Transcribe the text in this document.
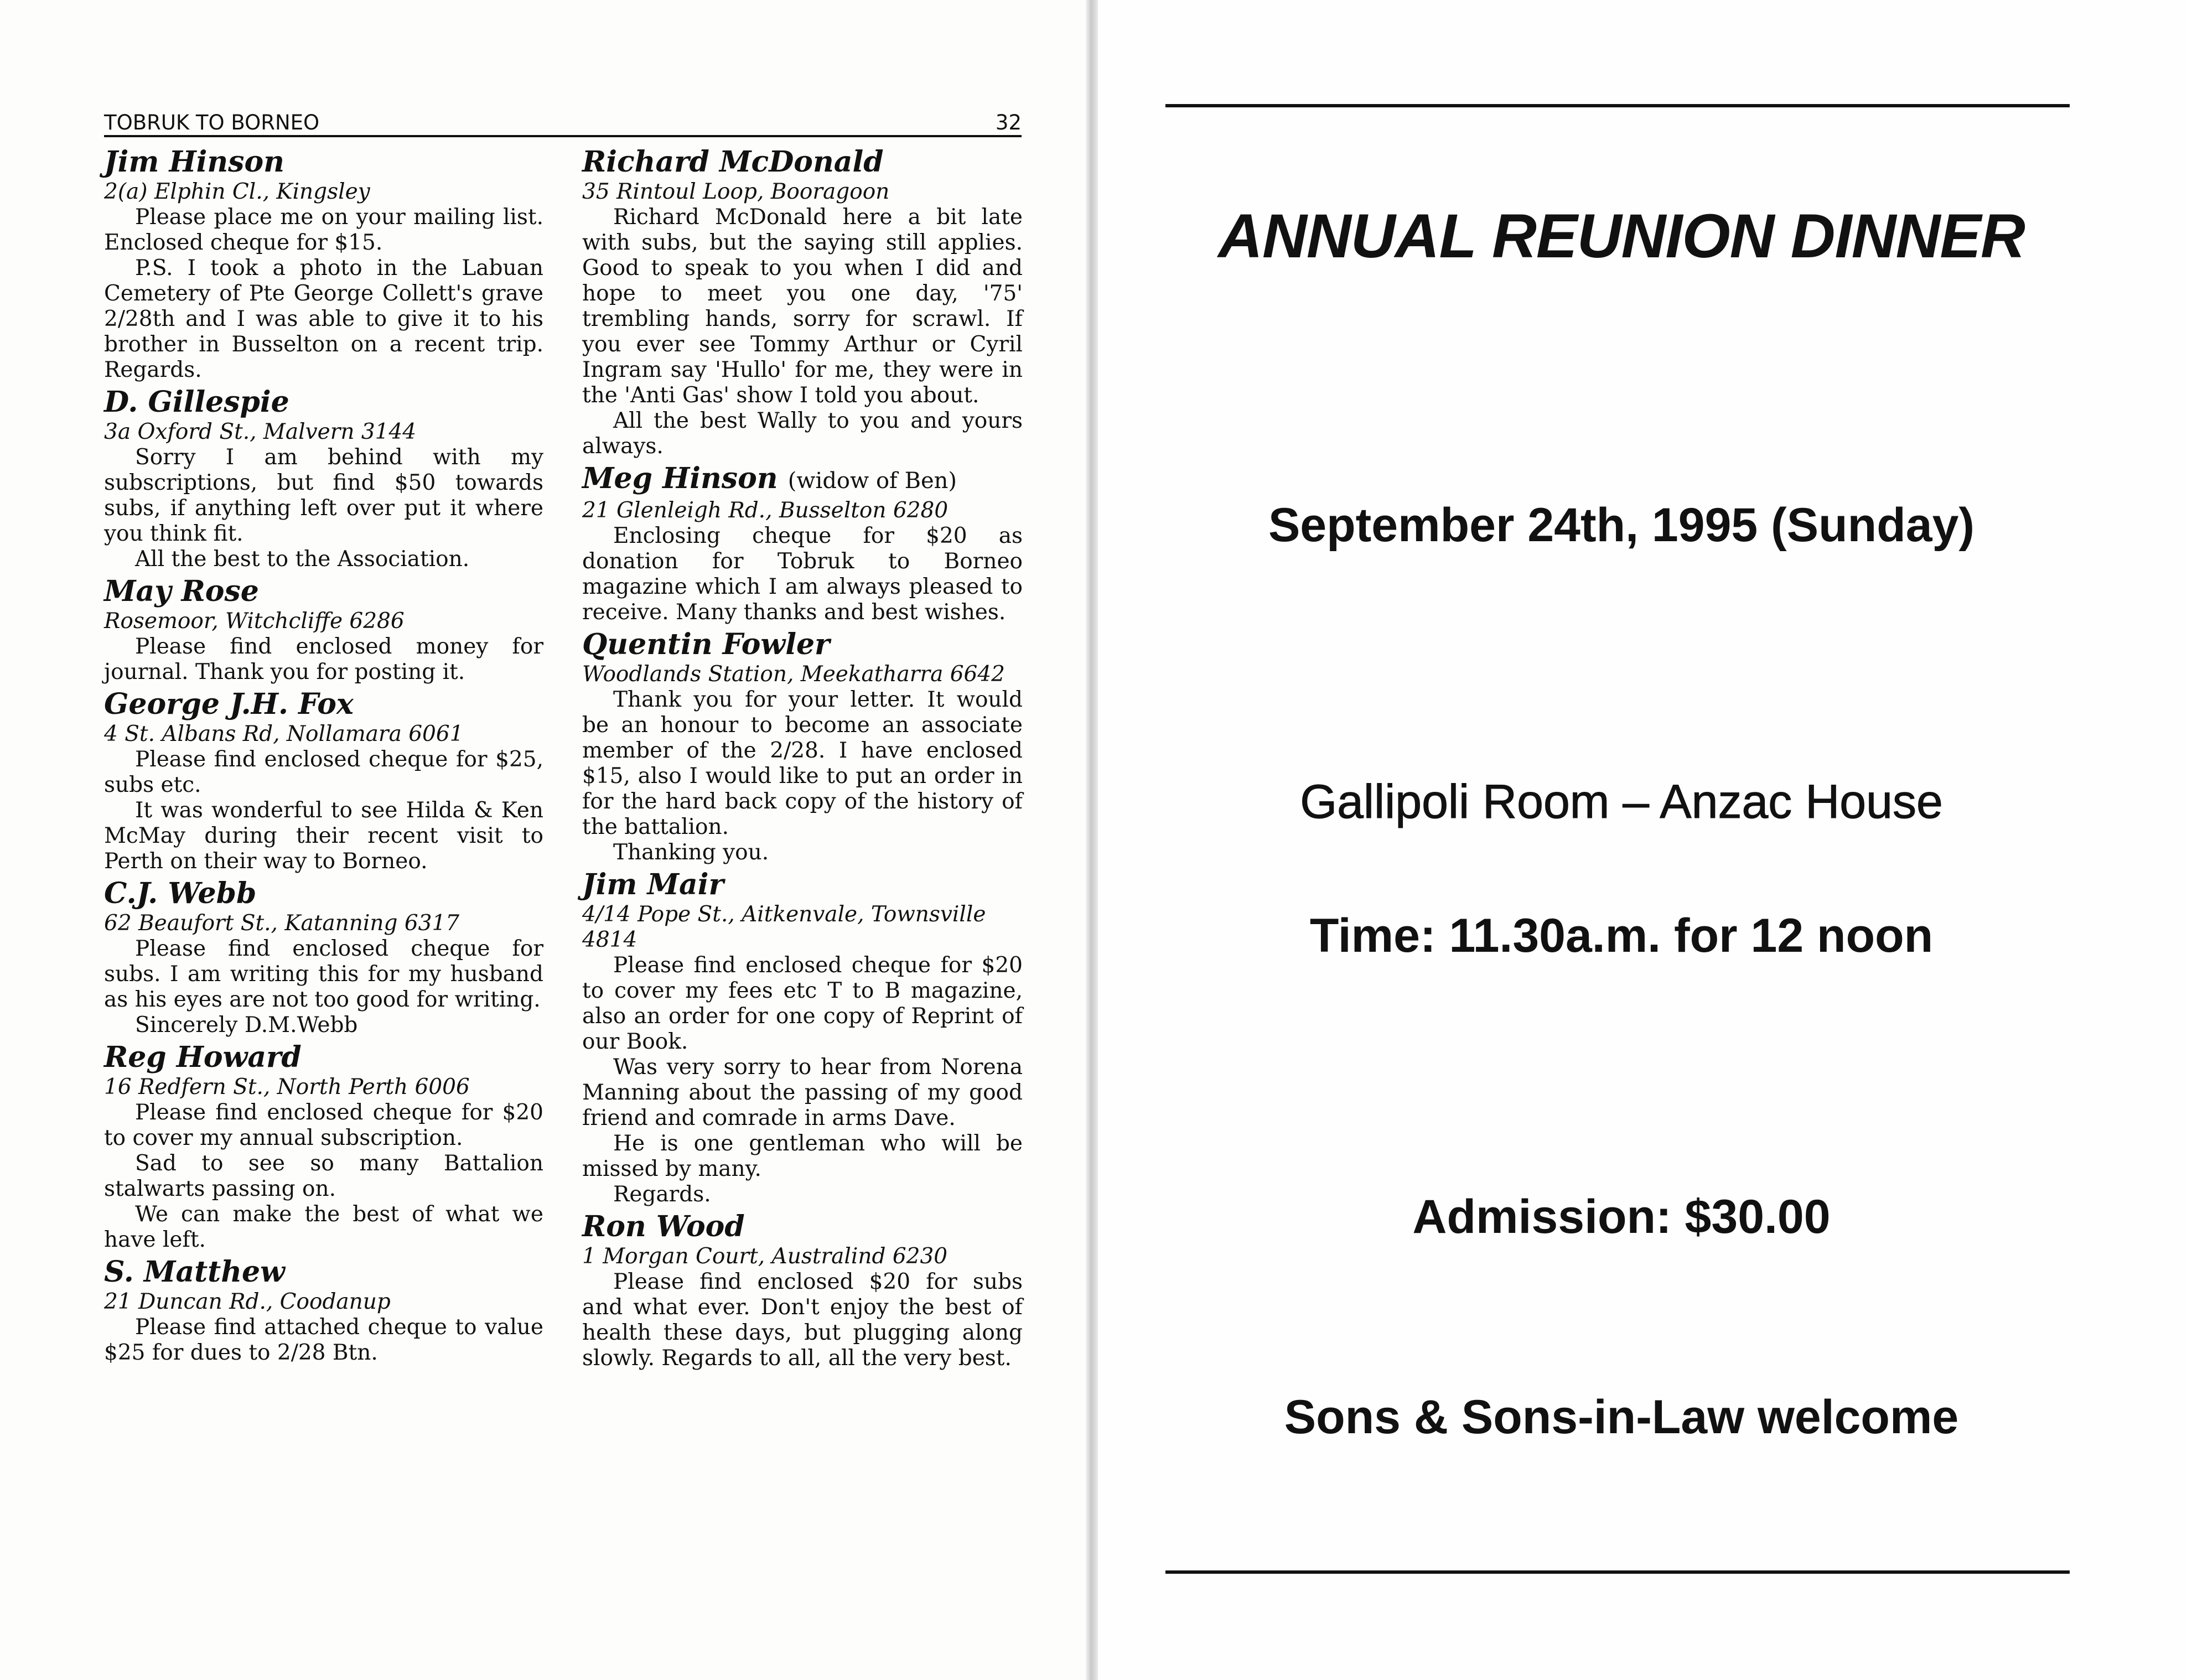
TOBRUK TO BORNEO	32
Jim Hinson
2(a) Elphin Cl., Kingsley
Please place me on your mailing list. Enclosed cheque for $15.
P.S. I took a photo in the Labuan Cemetery of Pte George Collett's grave 2/28th and I was able to give it to his brother in Busselton on a recent trip. Regards.
D. Gillespie
3a Oxford St., Malvern 3144
Sorry I am behind with my subscriptions, but find $50 towards subs, if anything left over put it where you think fit.
All the best to the Association.
May Rose
Rosemoor, Witchcliffe 6286
Please find enclosed money for journal. Thank you for posting it.
George J.H. Fox
4 St. Albans Rd, Nollamara 6061
Please find enclosed cheque for $25, subs etc.
It was wonderful to see Hilda & Ken McMay during their recent visit to Perth on their way to Borneo.
C.J. Webb
62 Beaufort St., Katanning 6317
Please find enclosed cheque for subs. I am writing this for my husband as his eyes are not too good for writing.
Sincerely D.M.Webb
Reg Howard
16 Redfern St., North Perth 6006
Please find enclosed cheque for $20 to cover my annual subscription.
Sad to see so many Battalion stalwarts passing on.
We can make the best of what we have left.
S. Matthew
21 Duncan Rd., Coodanup
Please find attached cheque to value $25 for dues to 2/28 Btn.
Richard McDonald
35 Rintoul Loop, Booragoon
Richard McDonald here a bit late with subs, but the saying still applies. Good to speak to you when I did and hope to meet you one day, '75' trembling hands, sorry for scrawl. If you ever see Tommy Arthur or Cyril Ingram say 'Hullo' for me, they were in the 'Anti Gas' show I told you about.
All the best Wally to you and yours always.
Meg Hinson (widow of Ben)
21 Glenleigh Rd., Busselton 6280
Enclosing cheque for $20 as donation for Tobruk to Borneo magazine which I am always pleased to receive. Many thanks and best wishes.
Quentin Fowler
Woodlands Station, Meekatharra 6642
Thank you for your letter. It would be an honour to become an associate member of the 2/28. I have enclosed $15, also I would like to put an order in for the hard back copy of the history of the battalion.
Thanking you.
Jim Mair
4/14 Pope St., Aitkenvale, Townsville 4814
Please find enclosed cheque for $20 to cover my fees etc T to B magazine, also an order for one copy of Reprint of our Book.
Was very sorry to hear from Norena Manning about the passing of my good friend and comrade in arms Dave.
He is one gentleman who will be missed by many.
Regards.
Ron Wood
1 Morgan Court, Australind 6230
Please find enclosed $20 for subs and what ever. Don't enjoy the best of health these days, but plugging along slowly. Regards to all, all the very best.
ANNUAL REUNION DINNER
September 24th, 1995 (Sunday)
Gallipoli Room – Anzac House
Time: 11.30a.m. for 12 noon
Admission: $30.00
Sons & Sons-in-Law welcome
